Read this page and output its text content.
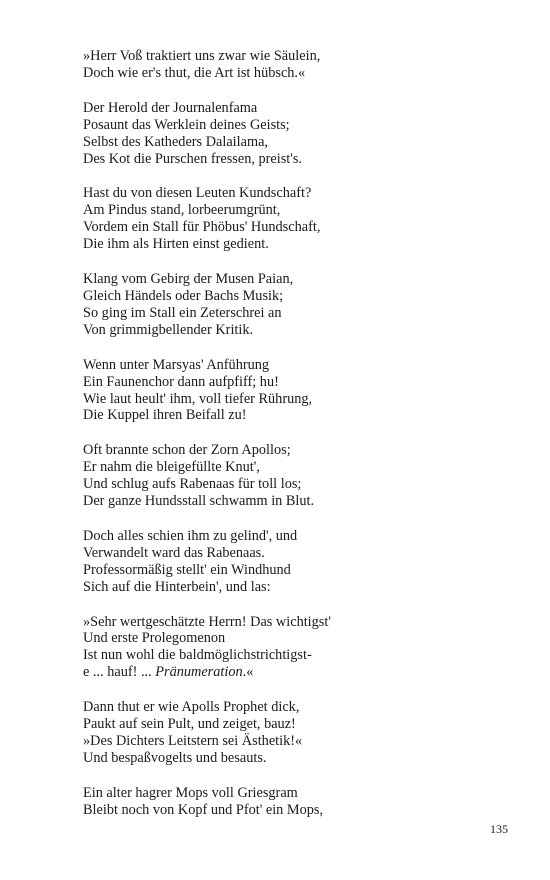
»Herr Voß traktiert uns zwar wie Säulein,
Doch wie er's thut, die Art ist hübsch.«
Der Herold der Journalenfama
Posaunt das Werklein deines Geists;
Selbst des Katheders Dalailama,
Des Kot die Purschen fressen, preist's.
Hast du von diesen Leuten Kundschaft?
Am Pindus stand, lorbeerumgrünt,
Vordem ein Stall für Phöbus' Hundschaft,
Die ihm als Hirten einst gedient.
Klang vom Gebirg der Musen Paian,
Gleich Händels oder Bachs Musik;
So ging im Stall ein Zeterschrei an
Von grimmigbellender Kritik.
Wenn unter Marsyas' Anführung
Ein Faunenchor dann aufpfiff; hu!
Wie laut heult' ihm, voll tiefer Rührung,
Die Kuppel ihren Beifall zu!
Oft brannte schon der Zorn Apollos;
Er nahm die bleigefüllte Knut',
Und schlug aufs Rabenaas für toll los;
Der ganze Hundsstall schwamm in Blut.
Doch alles schien ihm zu gelind', und
Verwandelt ward das Rabenaas.
Professormäßig stellt' ein Windhund
Sich auf die Hinterbein', und las:
»Sehr wertgeschätzte Herrn! Das wichtigst'
Und erste Prolegomenon
Ist nun wohl die baldmöglichstrichtigst-
e ... hauf! ... Pränumeration.«
Dann thut er wie Apolls Prophet dick,
Paukt auf sein Pult, und zeiget, bauz!
»Des Dichters Leitstern sei Ästhetik!«
Und bespaßvogelts und besauts.
Ein alter hagrer Mops voll Griesgram
Bleibt noch von Kopf und Pfot' ein Mops,
135
